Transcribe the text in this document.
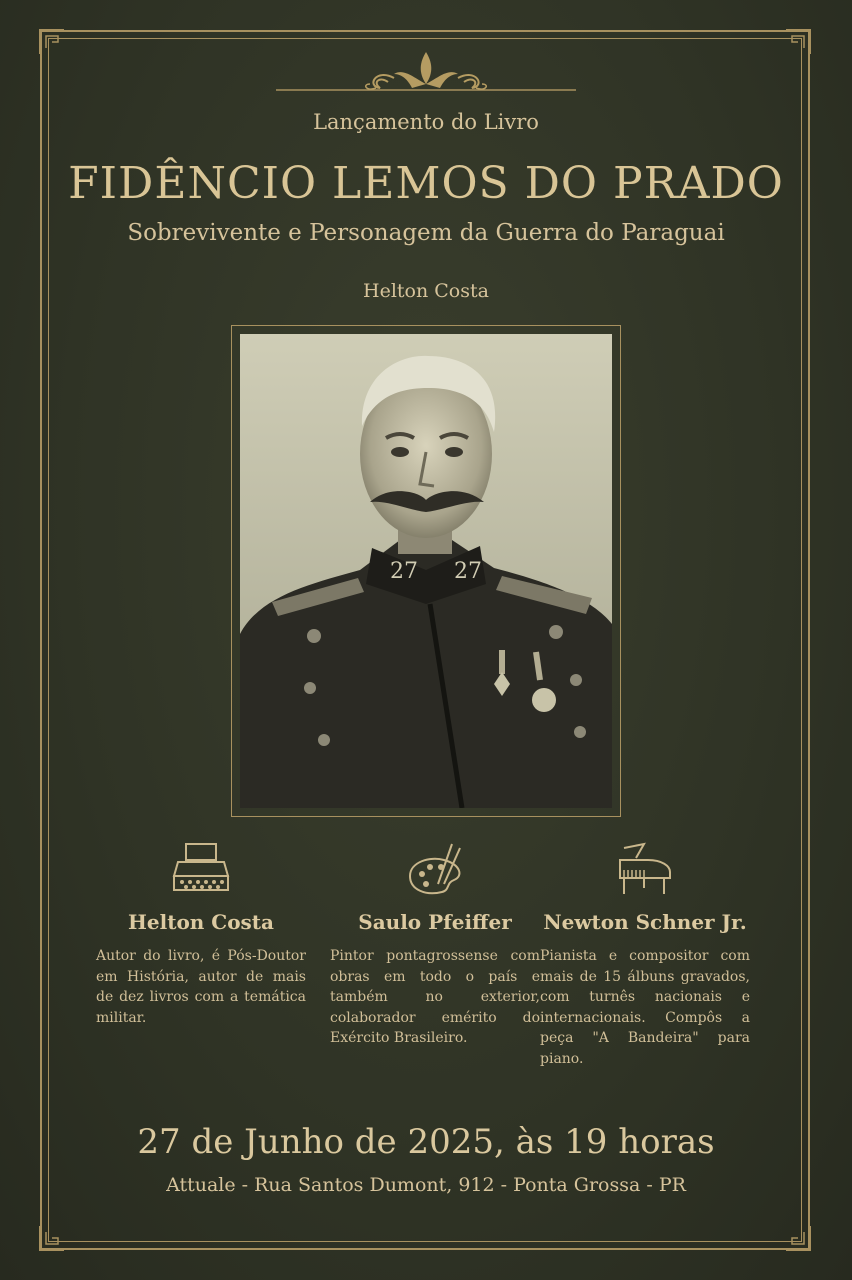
Lançamento do Livro
FIDÊNCIO LEMOS DO PRADO
Sobrevivente e Personagem da Guerra do Paraguai
Helton Costa
27 27
Helton Costa
Autor do livro, é Pós-Doutor em História, autor de mais de dez livros com a temática militar.
Saulo Pfeiffer
Pintor pontagrossense com obras em todo o país e também no exterior, colaborador emérito do Exército Brasileiro.
Newton Schner Jr.
Pianista e compositor com mais de 15 álbuns gravados, com turnês nacionais e internacionais. Compôs a peça "A Bandeira" para piano.
27 de Junho de 2025, às 19 horas
Attuale - Rua Santos Dumont, 912 - Ponta Grossa - PR
